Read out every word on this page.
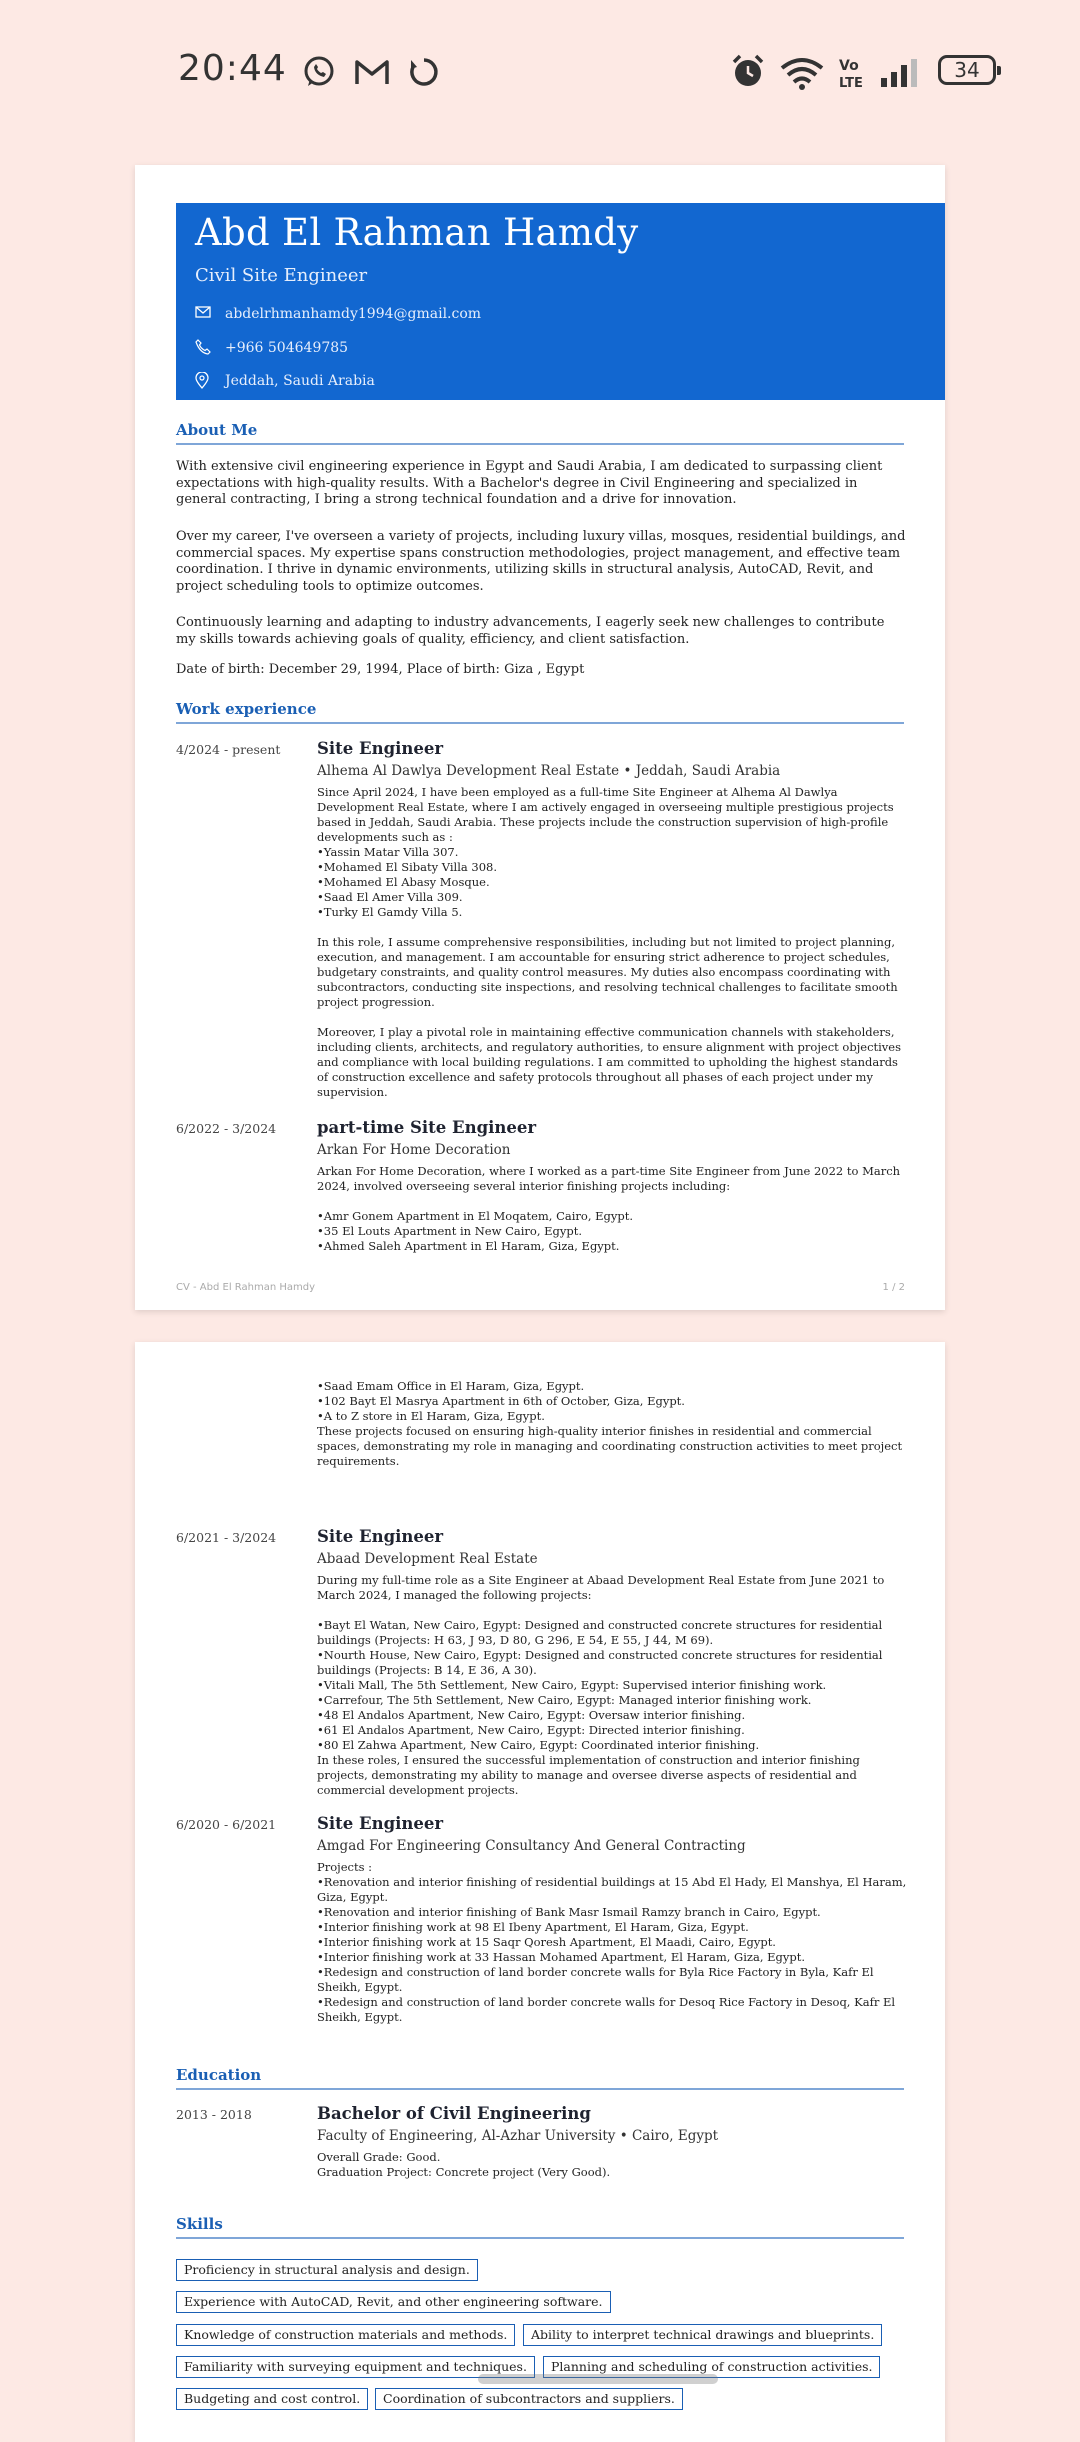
20:44	Vo
LTE
34
Abd El Rahman Hamdy
Civil Site Engineer
abdelrhmanhamdy1994@gmail.com
+966 504649785
Jeddah, Saudi Arabia
About Me
With extensive civil engineering experience in Egypt and Saudi Arabia, I am dedicated to surpassing client expectations with high-quality results. With a Bachelor's degree in Civil Engineering and specialized in general contracting, I bring a strong technical foundation and a drive for innovation.
Over my career, I've overseen a variety of projects, including luxury villas, mosques, residential buildings, and commercial spaces. My expertise spans construction methodologies, project management, and effective team coordination. I thrive in dynamic environments, utilizing skills in structural analysis, AutoCAD, Revit, and project scheduling tools to optimize outcomes.
Continuously learning and adapting to industry advancements, I eagerly seek new challenges to contribute my skills towards achieving goals of quality, efficiency, and client satisfaction.
Date of birth: December 29, 1994, Place of birth: Giza , Egypt
Work experience
4/2024 - present Site Engineer
Alhema Al Dawlya Development Real Estate • Jeddah, Saudi Arabia
Since April 2024, I have been employed as a full-time Site Engineer at Alhema Al Dawlya Development Real Estate, where I am actively engaged in overseeing multiple prestigious projects based in Jeddah, Saudi Arabia. These projects include the construction supervision of high-profile developments such as :
•Yassin Matar Villa 307.
•Mohamed El Sibaty Villa 308.
•Mohamed El Abasy Mosque.
•Saad El Amer Villa 309.
•Turky El Gamdy Villa 5.

In this role, I assume comprehensive responsibilities, including but not limited to project planning, execution, and management. I am accountable for ensuring strict adherence to project schedules, budgetary constraints, and quality control measures. My duties also encompass coordinating with subcontractors, conducting site inspections, and resolving technical challenges to facilitate smooth project progression.

Moreover, I play a pivotal role in maintaining effective communication channels with stakeholders, including clients, architects, and regulatory authorities, to ensure alignment with project objectives and compliance with local building regulations. I am committed to upholding the highest standards of construction excellence and safety protocols throughout all phases of each project under my supervision.
6/2022 - 3/2024 part-time Site Engineer
Arkan For Home Decoration
Arkan For Home Decoration, where I worked as a part-time Site Engineer from June 2022 to March 2024, involved overseeing several interior finishing projects including:

•Amr Gonem Apartment in El Moqatem, Cairo, Egypt.
•35 El Louts Apartment in New Cairo, Egypt.
•Ahmed Saleh Apartment in El Haram, Giza, Egypt.
CV - Abd El Rahman Hamdy	1 / 2
•Saad Emam Office in El Haram, Giza, Egypt.
•102 Bayt El Masrya Apartment in 6th of October, Giza, Egypt.
•A to Z store in El Haram, Giza, Egypt.
These projects focused on ensuring high-quality interior finishes in residential and commercial spaces, demonstrating my role in managing and coordinating construction activities to meet project requirements.
6/2021 - 3/2024 Site Engineer
Abaad Development Real Estate
During my full-time role as a Site Engineer at Abaad Development Real Estate from June 2021 to March 2024, I managed the following projects:

•Bayt El Watan, New Cairo, Egypt: Designed and constructed concrete structures for residential buildings (Projects: H 63, J 93, D 80, G 296, E 54, E 55, J 44, M 69).
•Nourth House, New Cairo, Egypt: Designed and constructed concrete structures for residential buildings (Projects: B 14, E 36, A 30).
•Vitali Mall, The 5th Settlement, New Cairo, Egypt: Supervised interior finishing work.
•Carrefour, The 5th Settlement, New Cairo, Egypt: Managed interior finishing work.
•48 El Andalos Apartment, New Cairo, Egypt: Oversaw interior finishing.
•61 El Andalos Apartment, New Cairo, Egypt: Directed interior finishing.
•80 El Zahwa Apartment, New Cairo, Egypt: Coordinated interior finishing.
In these roles, I ensured the successful implementation of construction and interior finishing projects, demonstrating my ability to manage and oversee diverse aspects of residential and commercial development projects.
6/2020 - 6/2021 Site Engineer
Amgad For Engineering Consultancy And General Contracting
Projects :
•Renovation and interior finishing of residential buildings at 15 Abd El Hady, El Manshya, El Haram, Giza, Egypt.
•Renovation and interior finishing of Bank Masr Ismail Ramzy branch in Cairo, Egypt.
•Interior finishing work at 98 El Ibeny Apartment, El Haram, Giza, Egypt.
•Interior finishing work at 15 Saqr Qoresh Apartment, El Maadi, Cairo, Egypt.
•Interior finishing work at 33 Hassan Mohamed Apartment, El Haram, Giza, Egypt.
•Redesign and construction of land border concrete walls for Byla Rice Factory in Byla, Kafr El Sheikh, Egypt.
•Redesign and construction of land border concrete walls for Desoq Rice Factory in Desoq, Kafr El Sheikh, Egypt.
Education
2013 - 2018	Bachelor of Civil Engineering
Faculty of Engineering, Al-Azhar University • Cairo, Egypt
Overall Grade: Good.
Graduation Project: Concrete project (Very Good).
Skills
Proficiency in structural analysis and design.
Experience with AutoCAD, Revit, and other engineering software.
Knowledge of construction materials and methods.	Ability to interpret technical drawings and blueprints.
Familiarity with surveying equipment and techniques.	Planning and scheduling of construction activities.
Budgeting and cost control.	Coordination of subcontractors and suppliers.
